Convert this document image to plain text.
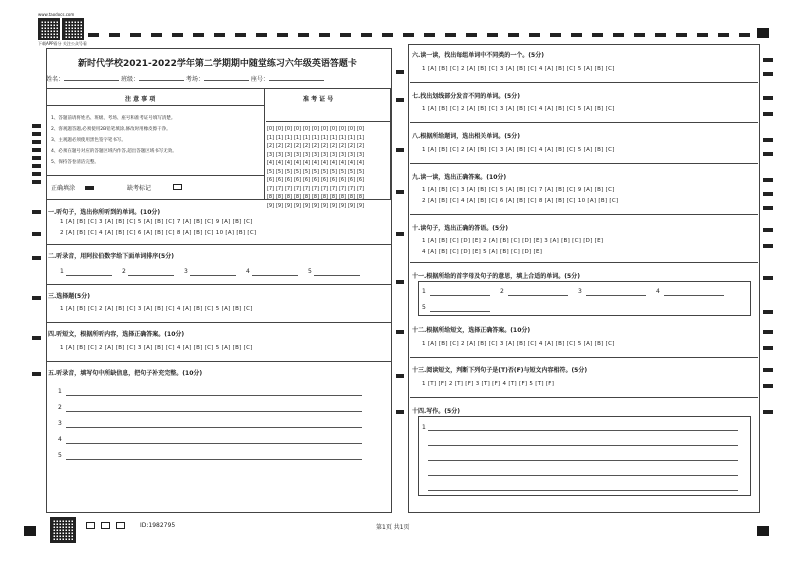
www.taodocs.com
下载APP看分 关注公众号看
新时代学校2021-2022学年第二学期期中随堂练习六年级英语答题卡
姓名：	班级：	考场：	座号：
注 意 事 项
1、答题前请将姓名、班级、考场、座号和准考证号填写清楚。
2、客观题答题,必须使用2B铅笔填涂,修改时用橡皮擦干净。
3、主观题必须使用黑色签字笔书写。
4、必须在题号对应的答题区域内作答,超出答题区域书写无效。
5、保持答卷清洁完整。
正确填涂	缺考标记
准 考 证 号
[0] [0] [0] [0] [0] [0] [0] [0] [0] [0] [0]
[1] [1] [1] [1] [1] [1] [1] [1] [1] [1] [1]
[2] [2] [2] [2] [2] [2] [2] [2] [2] [2] [2]
[3] [3] [3] [3] [3] [3] [3] [3] [3] [3] [3]
[4] [4] [4] [4] [4] [4] [4] [4] [4] [4] [4]
[5] [5] [5] [5] [5] [5] [5] [5] [5] [5] [5]
[6] [6] [6] [6] [6] [6] [6] [6] [6] [6] [6]
[7] [7] [7] [7] [7] [7] [7] [7] [7] [7] [7]
[8] [8] [8] [8] [8] [8] [8] [8] [8] [8] [8]
[9] [9] [9] [9] [9] [9] [9] [9] [9] [9] [9]
一.听句子，选出你所听到的单词。(10分)
1 [A] [B] [C] 3 [A] [B] [C] 5 [A] [B] [C] 7 [A] [B] [C] 9 [A] [B] [C]
2 [A] [B] [C] 4 [A] [B] [C] 6 [A] [B] [C] 8 [A] [B] [C] 10 [A] [B] [C]
二.听录音，用阿拉伯数字给下面单词排序(5分)
1	2	3	4	5
三.选择题(5分)
1 [A] [B] [C] 2 [A] [B] [C] 3 [A] [B] [C] 4 [A] [B] [C] 5 [A] [B] [C]
四.听短文，根据所听内容，选择正确答案。(10分)
1 [A] [B] [C] 2 [A] [B] [C] 3 [A] [B] [C] 4 [A] [B] [C] 5 [A] [B] [C]
五.听录音，填写句中所缺信息，把句子补充完整。(10分)
1
2
3
4
5
六.读一读，找出每组单词中不同类的一个。(5分)
1 [A] [B] [C] 2 [A] [B] [C] 3 [A] [B] [C] 4 [A] [B] [C] 5 [A] [B] [C]
七.找出划线部分发音不同的单词。(5分)
1 [A] [B] [C] 2 [A] [B] [C] 3 [A] [B] [C] 4 [A] [B] [C] 5 [A] [B] [C]
八.根据所给题词，选出相关单词。(5分)
1 [A] [B] [C] 2 [A] [B] [C] 3 [A] [B] [C] 4 [A] [B] [C] 5 [A] [B] [C]
九.读一读，选出正确答案。(10分)
1 [A] [B] [C] 3 [A] [B] [C] 5 [A] [B] [C] 7 [A] [B] [C] 9 [A] [B] [C]
2 [A] [B] [C] 4 [A] [B] [C] 6 [A] [B] [C] 8 [A] [B] [C] 10 [A] [B] [C]
十.读句子，选出正确的答语。(5分)
1 [A] [B] [C] [D] [E] 2 [A] [B] [C] [D] [E] 3 [A] [B] [C] [D] [E]
4 [A] [B] [C] [D] [E] 5 [A] [B] [C] [D] [E]
十一.根据所给的首字母及句子的意思，填上合适的单词。(5分)
1	2	3	4
5
十二.根据所给短文，选择正确答案。(10分)
1 [A] [B] [C] 2 [A] [B] [C] 3 [A] [B] [C] 4 [A] [B] [C] 5 [A] [B] [C]
十三.阅读短文，判断下列句子是(T)否(F)与短文内容相符。(5分)
1 [T] [F] 2 [T] [F] 3 [T] [F] 4 [T] [F] 5 [T] [F]
十四.写作。(5分)
1

ID:1982795	第1页 共1页
